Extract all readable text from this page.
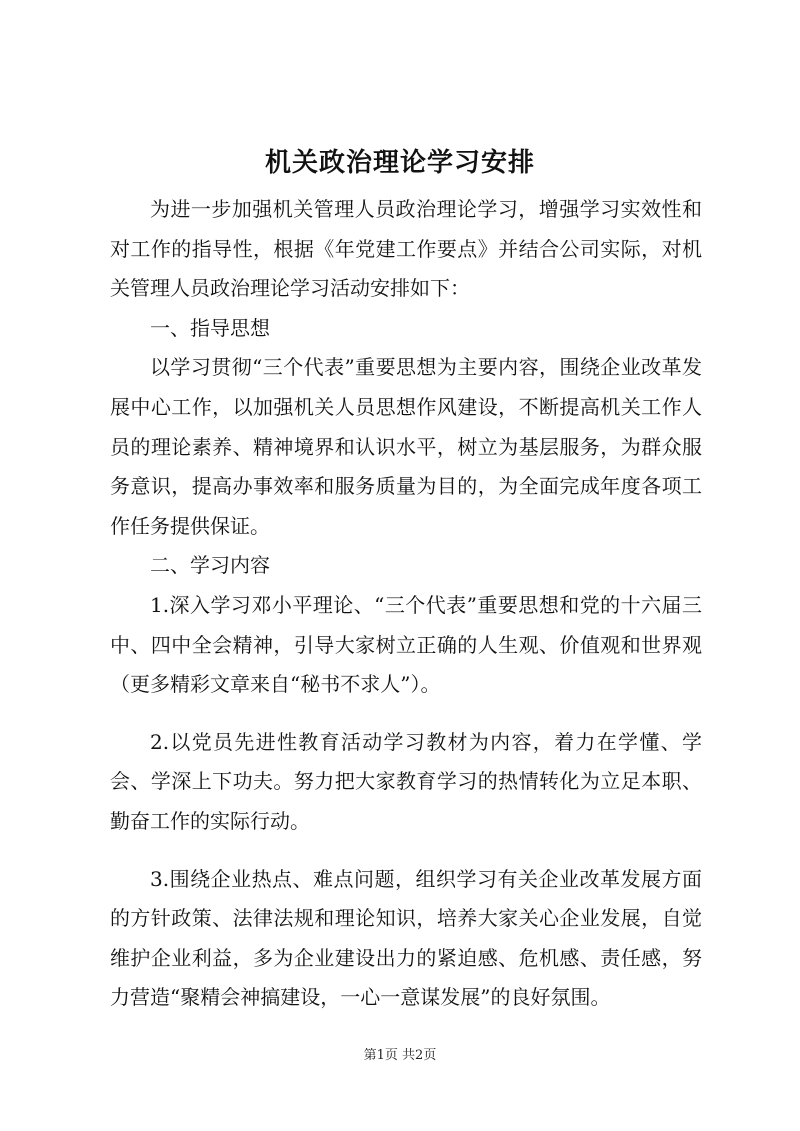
机关政治理论学习安排

为进一步加强机关管理人员政治理论学习，增强学习实效性和对工作的指导性，根据《年党建工作要点》并结合公司实际，对机关管理人员政治理论学习活动安排如下：

一、指导思想

以学习贯彻“三个代表”重要思想为主要内容，围绕企业改革发展中心工作，以加强机关人员思想作风建设，不断提高机关工作人员的理论素养、精神境界和认识水平，树立为基层服务，为群众服务意识，提高办事效率和服务质量为目的，为全面完成年度各项工作任务提供保证。

二、学习内容

1.深入学习邓小平理论、“三个代表”重要思想和党的十六届三中、四中全会精神，引导大家树立正确的人生观、价值观和世界观（更多精彩文章来自“秘书不求人”）。

2.以党员先进性教育活动学习教材为内容，着力在学懂、学会、学深上下功夫。努力把大家教育学习的热情转化为立足本职、勤奋工作的实际行动。

3.围绕企业热点、难点问题，组织学习有关企业改革发展方面的方针政策、法律法规和理论知识，培养大家关心企业发展，自觉维护企业利益，多为企业建设出力的紧迫感、危机感、责任感，努力营造“聚精会神搞建设，一心一意谋发展”的良好氛围。

第1页 共2页
